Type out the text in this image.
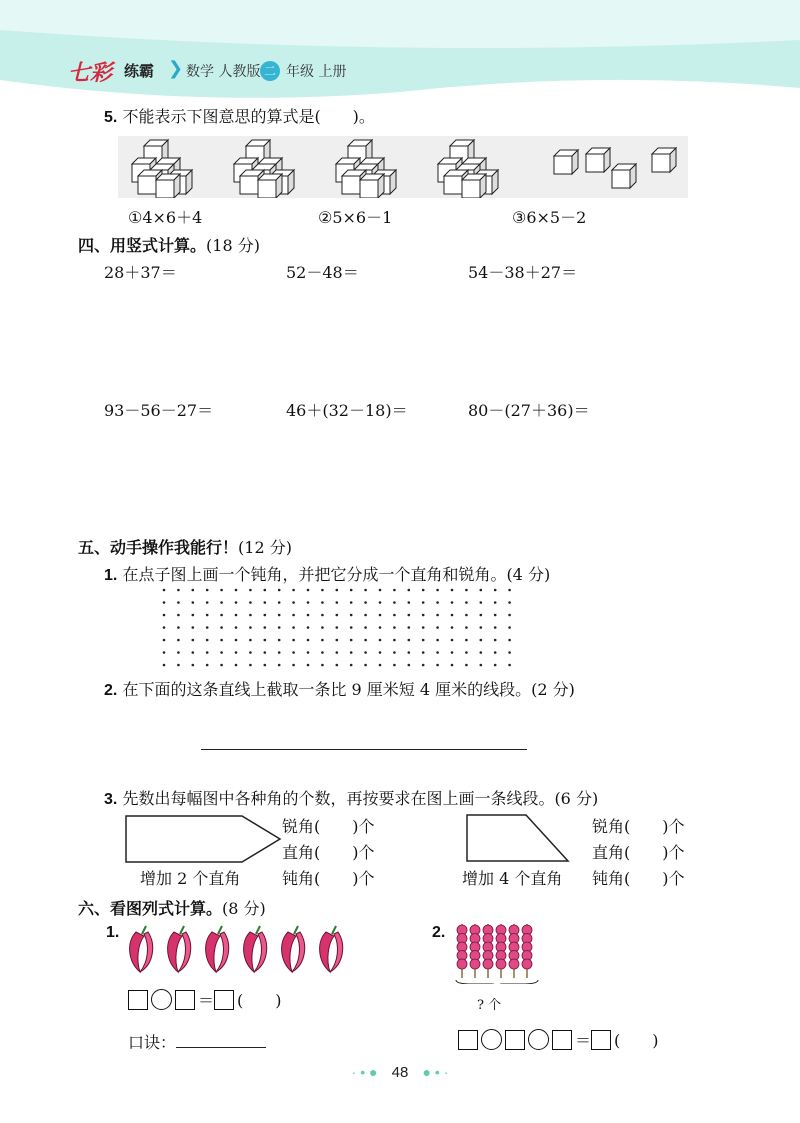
七彩 练霸 ❯ 数学 人教版 二 年级 上册
5. 不能表示下图意思的算式是(　　)。
①4×6＋4	②5×6－1	③6×5－2
四、用竖式计算。(18 分)
28＋37＝	52－48＝	54－38＋27＝
93－56－27＝	46＋(32－18)＝	80－(27＋36)＝
五、动手操作我能行！(12 分)
1. 在点子图上画一个钝角，并把它分成一个直角和锐角。(4 分)
2. 在下面的这条直线上截取一条比 9 厘米短 4 厘米的线段。(2 分)
3. 先数出每幅图中各种角的个数，再按要求在图上画一条线段。(6 分)
增加 2 个直角
锐角(　　)个
直角(　　)个
钝角(　　)个	增加 4 个直角
锐角(　　)个
直角(　　)个
钝角(　　)个
六、看图列式计算。(8 分)
1.
＝ (　　)
口诀：
2.
? 个
＝ (　　)
· • ● 48 ● • ·
